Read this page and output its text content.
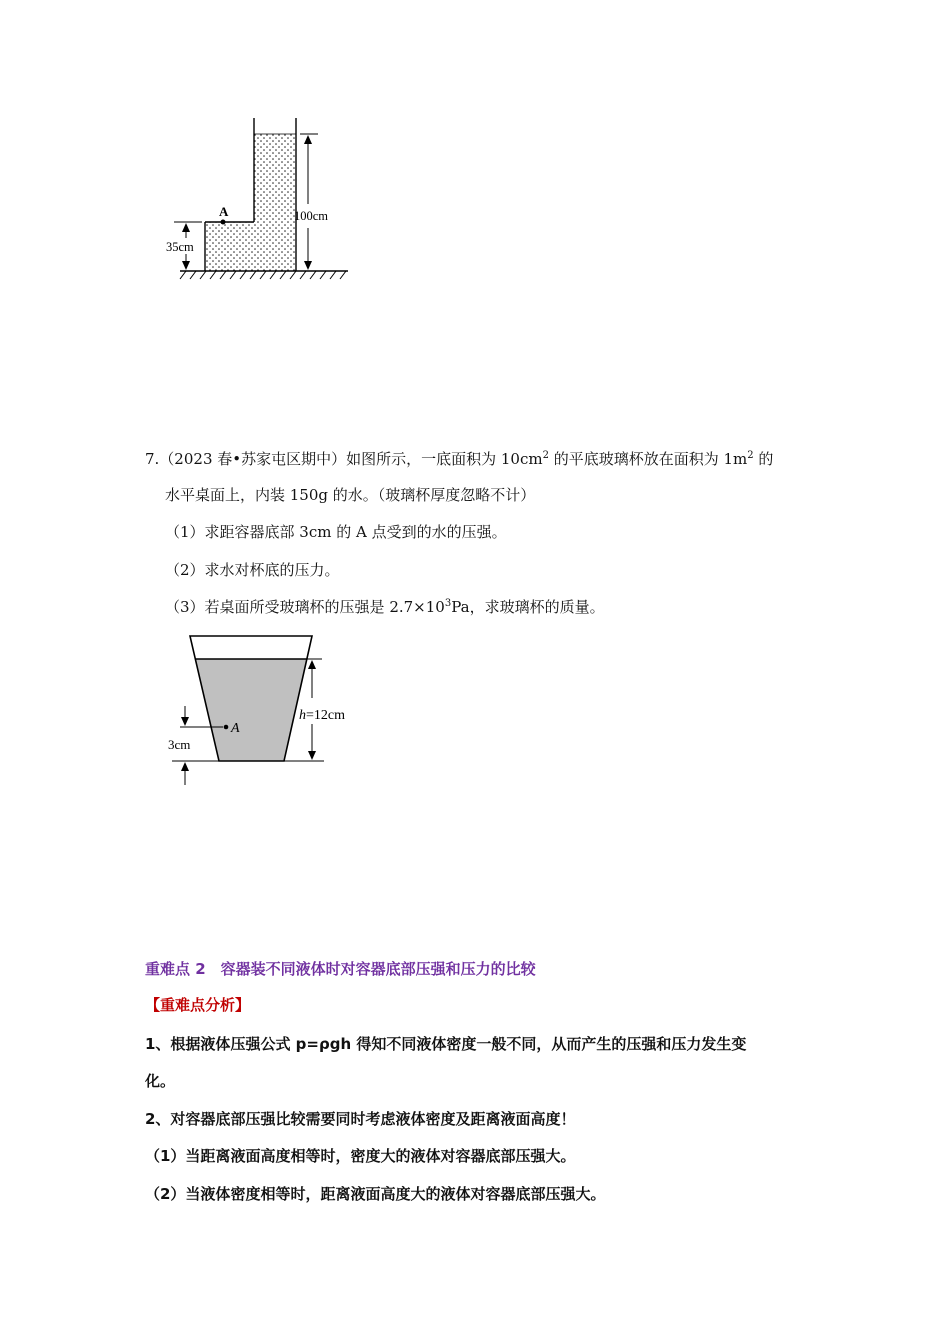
A	100cm
35cm
7.（2023 春•苏家屯区期中）如图所示，一底面积为 $10cm^2$ 的平底玻璃杯放在面积为 $1m^2$ 的
水平桌面上，内装 150g 的水。（玻璃杯厚度忽略不计）
（1）求距容器底部 3cm 的 A 点受到的水的压强。
（2）求水对杯底的压力。
（3）若桌面所受玻璃杯的压强是 $2.7\times 10^3Pa$，求玻璃杯的质量。
h=12cm
A
3cm
重难点 2　容器装不同液体时对容器底部压强和压力的比较
【重难点分析】
1、根据液体压强公式 p=ρgh 得知不同液体密度一般不同，从而产生的压强和压力发生变
化。
2、对容器底部压强比较需要同时考虑液体密度及距离液面高度！
（1）当距离液面高度相等时，密度大的液体对容器底部压强大。
（2）当液体密度相等时，距离液面高度大的液体对容器底部压强大。
